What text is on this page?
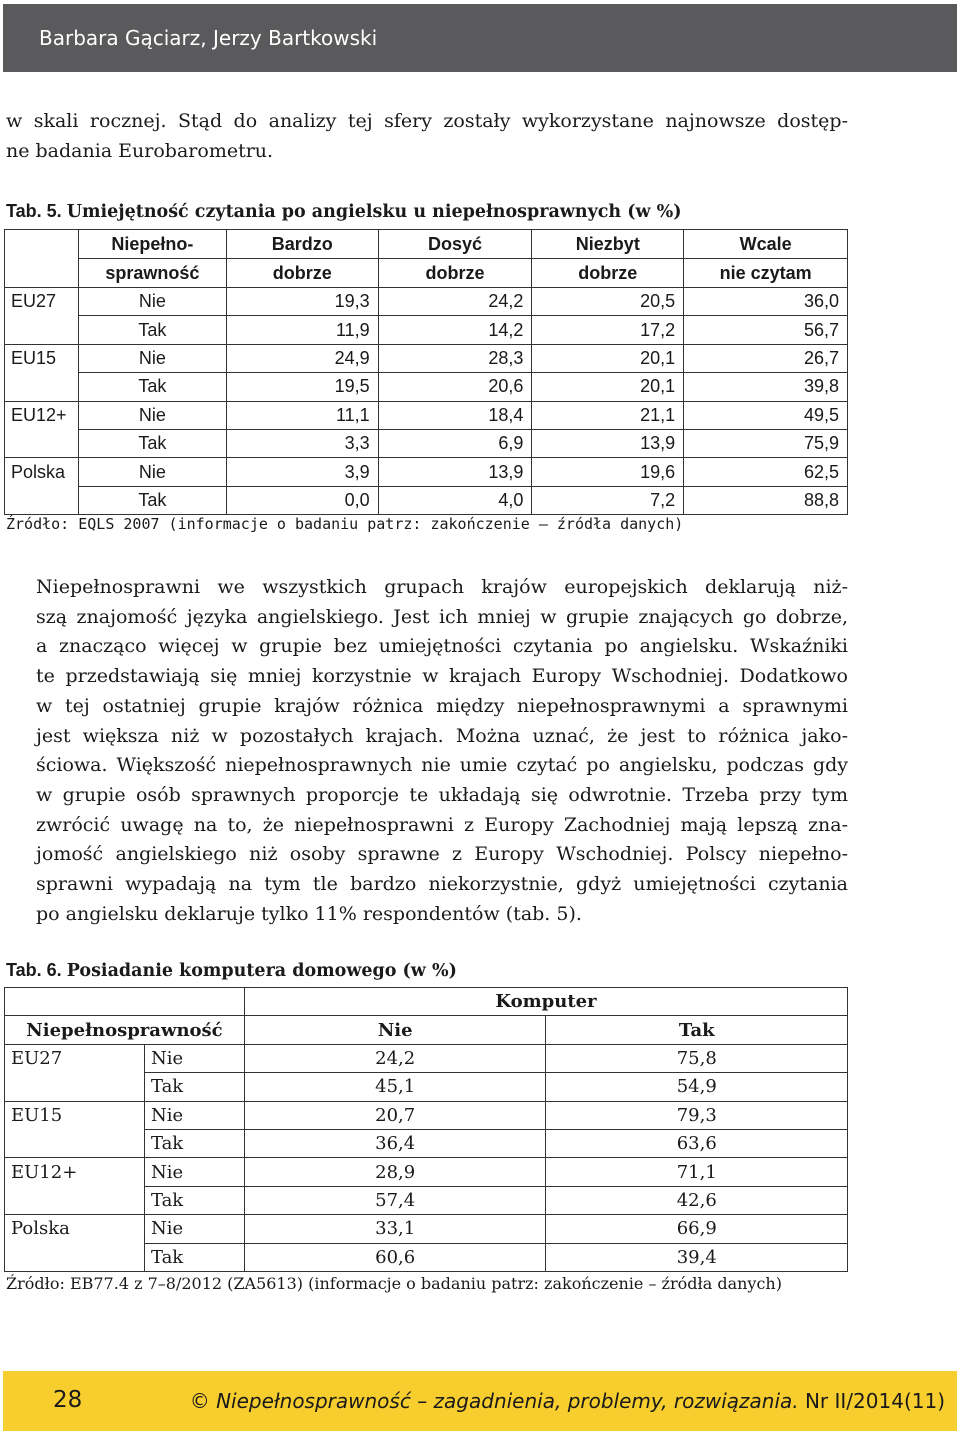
Barbara Gąciarz, Jerzy Bartkowski

w skali rocznej. Stąd do analizy tej sfery zostały wykorzystane najnowsze dostęp-
ne badania Eurobarometru.

Tab. 5. Umiejętność czytania po angielsku u niepełnosprawnych (w %)

	Niepełno-	Bardzo	Dosyć	Niezbyt	Wcale
	sprawność	dobrze	dobrze	dobrze	nie czytam
EU27	Nie	19,3	24,2	20,5	36,0
	Tak	11,9	14,2	17,2	56,7
EU15	Nie	24,9	28,3	20,1	26,7
	Tak	19,5	20,6	20,1	39,8
EU12+	Nie	11,1	18,4	21,1	49,5
	Tak	3,3	6,9	13,9	75,9
Polska	Nie	3,9	13,9	19,6	62,5
	Tak	0,0	4,0	7,2	88,8

Źródło: EQLS 2007 (informacje o badaniu patrz: zakończenie – źródła danych)

Niepełnosprawni we wszystkich grupach krajów europejskich deklarują niż-
szą znajomość języka angielskiego. Jest ich mniej w grupie znających go dobrze,
a znacząco więcej w grupie bez umiejętności czytania po angielsku. Wskaźniki
te przedstawiają się mniej korzystnie w krajach Europy Wschodniej. Dodatkowo
w tej ostatniej grupie krajów różnica między niepełnosprawnymi a sprawnymi
jest większa niż w pozostałych krajach. Można uznać, że jest to różnica jako-
ściowa. Większość niepełnosprawnych nie umie czytać po angielsku, podczas gdy
w grupie osób sprawnych proporcje te układają się odwrotnie. Trzeba przy tym
zwrócić uwagę na to, że niepełnosprawni z Europy Zachodniej mają lepszą zna-
jomość angielskiego niż osoby sprawne z Europy Wschodniej. Polscy niepełno-
sprawni wypadają na tym tle bardzo niekorzystnie, gdyż umiejętności czytania
po angielsku deklaruje tylko 11% respondentów (tab. 5).

Tab. 6. Posiadanie komputera domowego (w %)

		Komputer	
Niepełnosprawność		Nie	Tak
EU27	Nie	24,2	75,8
	Tak	45,1	54,9
EU15	Nie	20,7	79,3
	Tak	36,4	63,6
EU12+	Nie	28,9	71,1
	Tak	57,4	42,6
Polska	Nie	33,1	66,9
	Tak	60,6	39,4

Źródło: EB77.4 z 7–8/2012 (ZA5613) (informacje o badaniu patrz: zakończenie – źródła danych)

28	© Niepełnosprawność – zagadnienia, problemy, rozwiązania. Nr II/2014(11)
